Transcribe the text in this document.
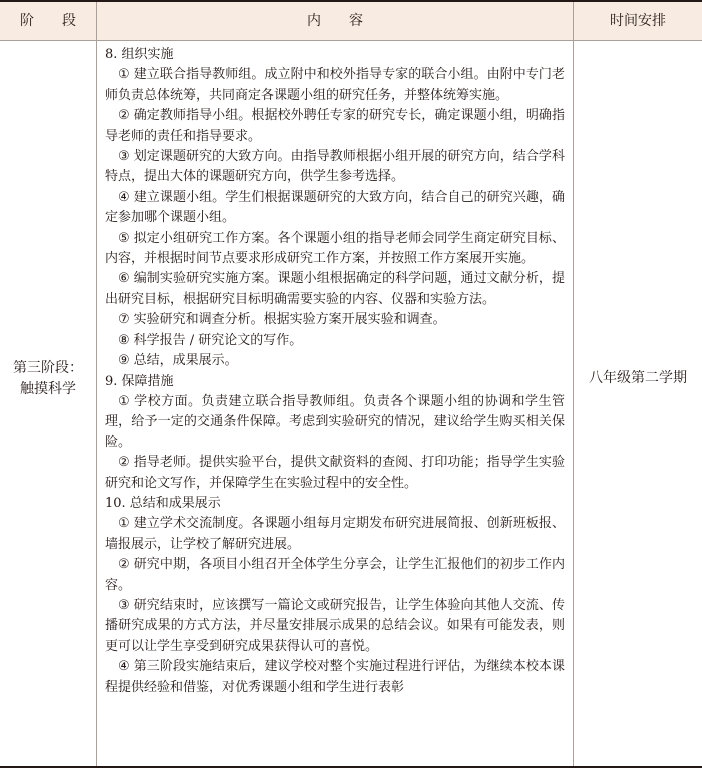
阶　　段	内　　容	时间安排
第三阶段：
触摸科学

8. 组织实施

① 建立联合指导教师组。成立附中和校外指导专家的联合小组。由附中专门老师负责总体统筹，共同商定各课题小组的研究任务，并整体统筹实施。

② 确定教师指导小组。根据校外聘任专家的研究专长，确定课题小组，明确指导老师的责任和指导要求。

③ 划定课题研究的大致方向。由指导教师根据小组开展的研究方向，结合学科特点，提出大体的课题研究方向，供学生参考选择。

④ 建立课题小组。学生们根据课题研究的大致方向，结合自己的研究兴趣，确定参加哪个课题小组。

⑤ 拟定小组研究工作方案。各个课题小组的指导老师会同学生商定研究目标、内容，并根据时间节点要求形成研究工作方案，并按照工作方案展开实施。

⑥ 编制实验研究实施方案。课题小组根据确定的科学问题，通过文献分析，提出研究目标，根据研究目标明确需要实验的内容、仪器和实验方法。

⑦ 实验研究和调查分析。根据实验方案开展实验和调查。

⑧ 科学报告 / 研究论文的写作。

⑨ 总结，成果展示。

9. 保障措施

① 学校方面。负责建立联合指导教师组。负责各个课题小组的协调和学生管理，给予一定的交通条件保障。考虑到实验研究的情况，建议给学生购买相关保险。

② 指导老师。提供实验平台，提供文献资料的查阅、打印功能；指导学生实验研究和论文写作，并保障学生在实验过程中的安全性。

10. 总结和成果展示

① 建立学术交流制度。各课题小组每月定期发布研究进展简报、创新班板报、墙报展示，让学校了解研究进展。

② 研究中期，各项目小组召开全体学生分享会，让学生汇报他们的初步工作内容。

③ 研究结束时，应该撰写一篇论文或研究报告，让学生体验向其他人交流、传播研究成果的方式方法，并尽量安排展示成果的总结会议。如果有可能发表，则更可以让学生享受到研究成果获得认可的喜悦。

④ 第三阶段实施结束后，建议学校对整个实施过程进行评估，为继续本校本课程提供经验和借鉴，对优秀课题小组和学生进行表彰

八年级第二学期
